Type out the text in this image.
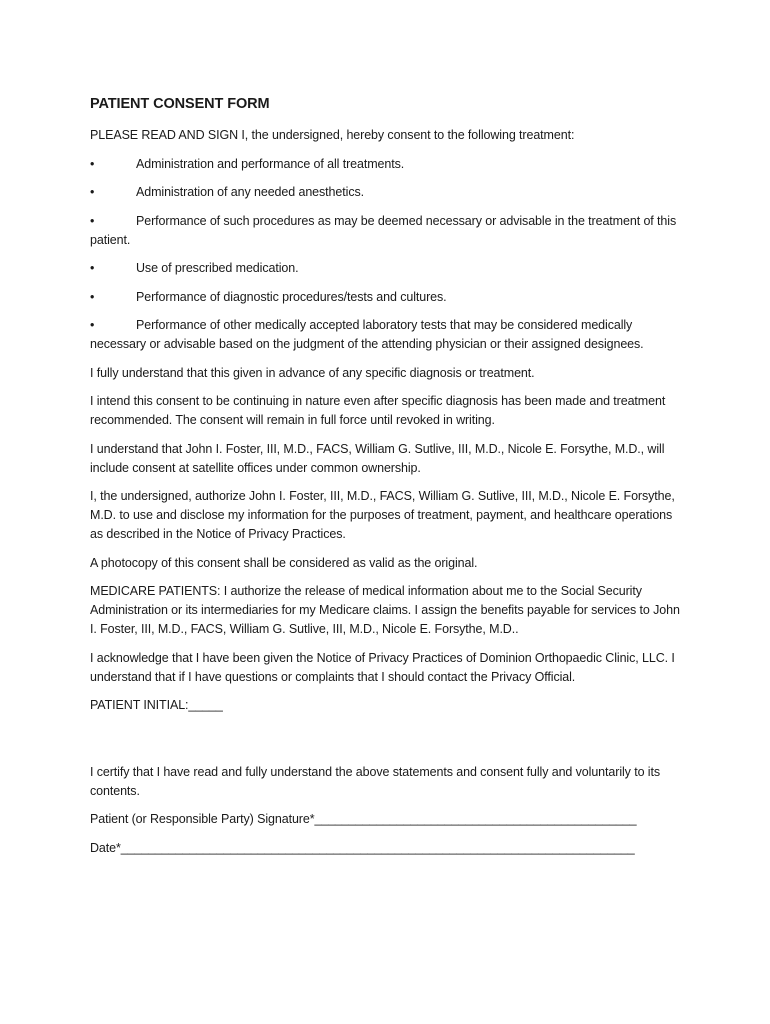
PATIENT CONSENT FORM

PLEASE READ AND SIGN I, the undersigned, hereby consent to the following treatment:

•	Administration and performance of all treatments.
•	Administration of any needed anesthetics.
•	Performance of such procedures as may be deemed necessary or advisable in the treatment of this patient.
•	Use of prescribed medication.
•	Performance of diagnostic procedures/tests and cultures.
•	Performance of other medically accepted laboratory tests that may be considered medically necessary or advisable based on the judgment of the attending physician or their assigned designees.

I fully understand that this given in advance of any specific diagnosis or treatment.

I intend this consent to be continuing in nature even after specific diagnosis has been made and treatment recommended. The consent will remain in full force until revoked in writing.

I understand that John I. Foster, III, M.D., FACS, William G. Sutlive, III, M.D., Nicole E. Forsythe, M.D., will include consent at satellite offices under common ownership.

I, the undersigned, authorize John I. Foster, III, M.D., FACS, William G. Sutlive, III, M.D., Nicole E. Forsythe, M.D. to use and disclose my information for the purposes of treatment, payment, and healthcare operations as described in the Notice of Privacy Practices.

A photocopy of this consent shall be considered as valid as the original.

MEDICARE PATIENTS: I authorize the release of medical information about me to the Social Security Administration or its intermediaries for my Medicare claims. I assign the benefits payable for services to John I. Foster, III, M.D., FACS, William G. Sutlive, III, M.D., Nicole E. Forsythe, M.D..

I acknowledge that I have been given the Notice of Privacy Practices of Dominion Orthopaedic Clinic, LLC. I understand that if I have questions or complaints that I should contact the Privacy Official.

PATIENT INITIAL:_____

I certify that I have read and fully understand the above statements and consent fully and voluntarily to its contents.

Patient (or Responsible Party) Signature*_______________________________________________

Date*___________________________________________________________________________
